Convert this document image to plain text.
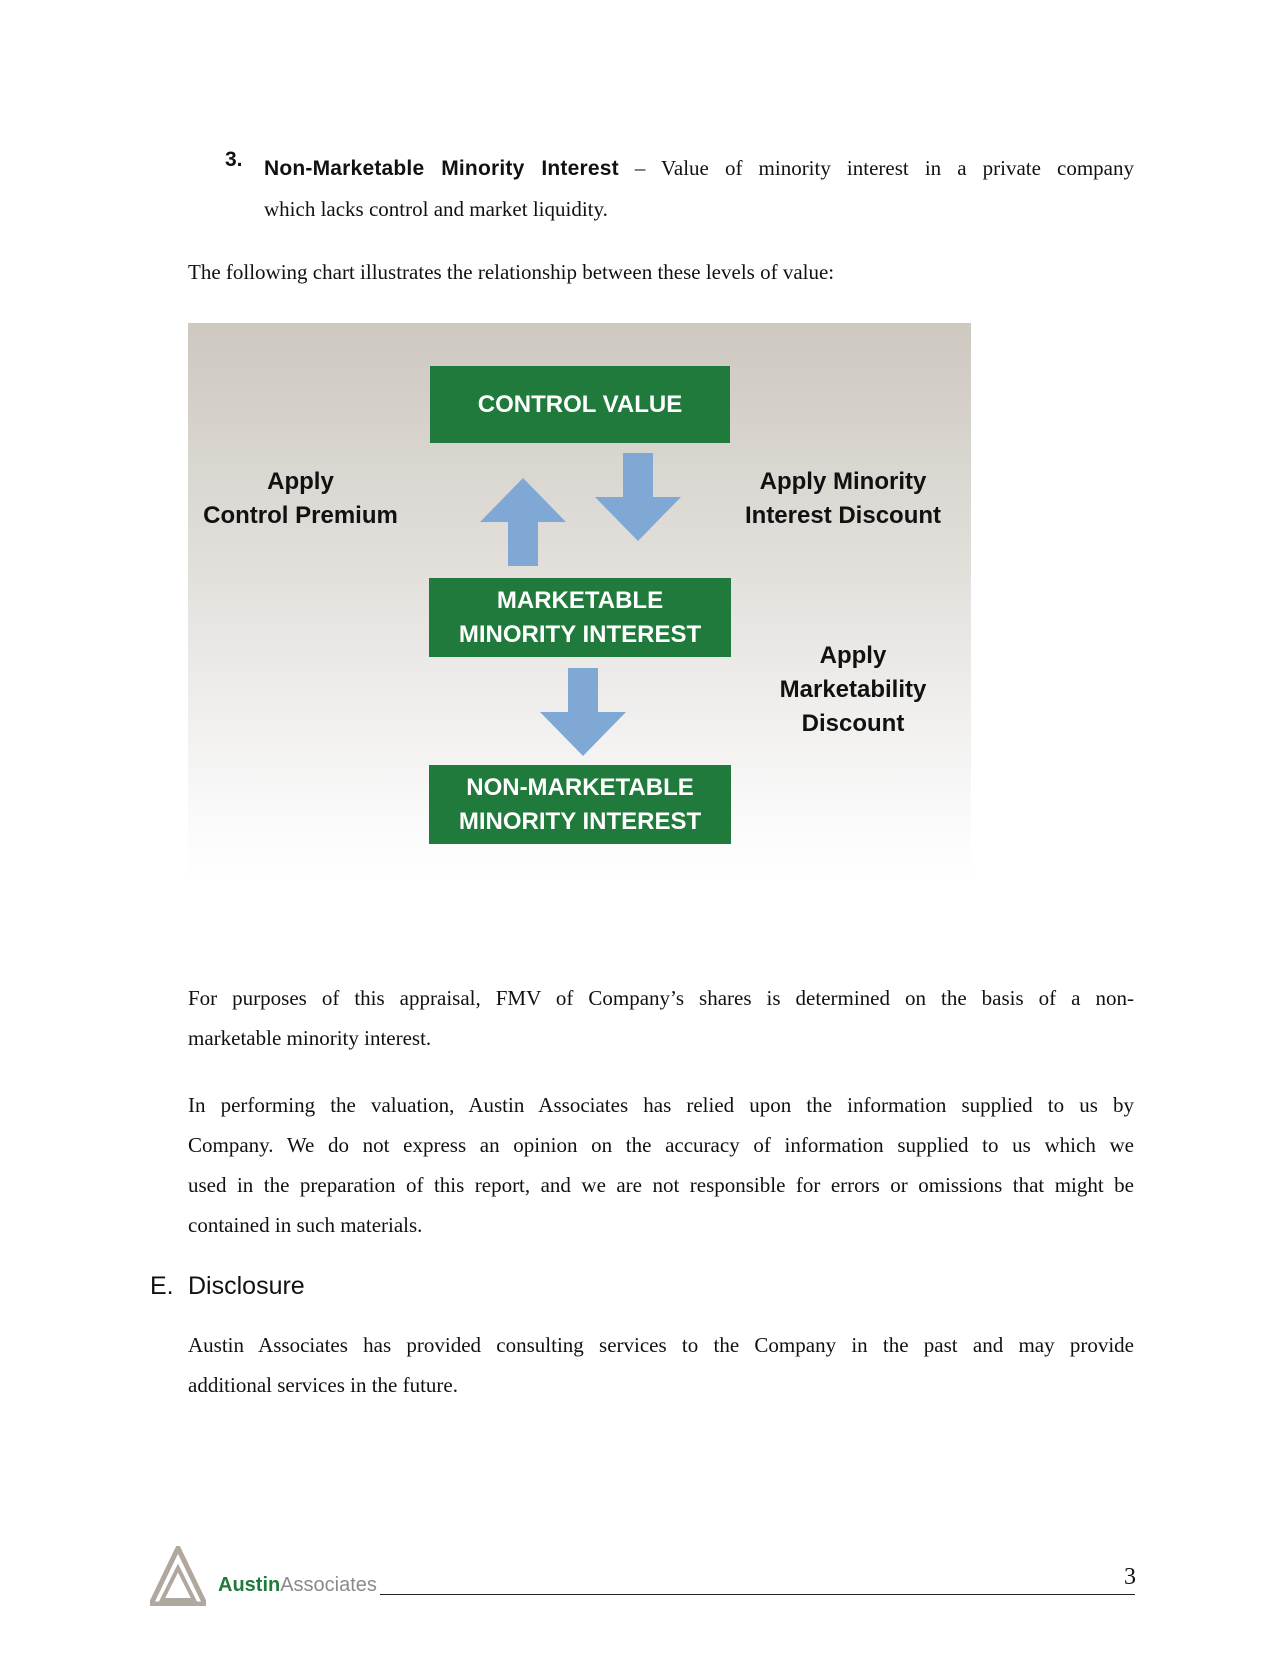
3. Non-Marketable Minority Interest – Value of minority interest in a private company
which lacks control and market liquidity.
The following chart illustrates the relationship between these levels of value:
CONTROL VALUE
Apply
Control Premium
Apply Minority
Interest Discount
MARKETABLE
MINORITY INTEREST
Apply
Marketability
Discount
NON-MARKETABLE
MINORITY INTEREST
For purposes of this appraisal, FMV of Company’s shares is determined on the basis of a non-
marketable minority interest.
In performing the valuation, Austin Associates has relied upon the information supplied to us by
Company. We do not express an opinion on the accuracy of information supplied to us which we
used in the preparation of this report, and we are not responsible for errors or omissions that might be
contained in such materials.
E. Disclosure
Austin Associates has provided consulting services to the Company in the past and may provide
additional services in the future.
AustinAssociates	3
